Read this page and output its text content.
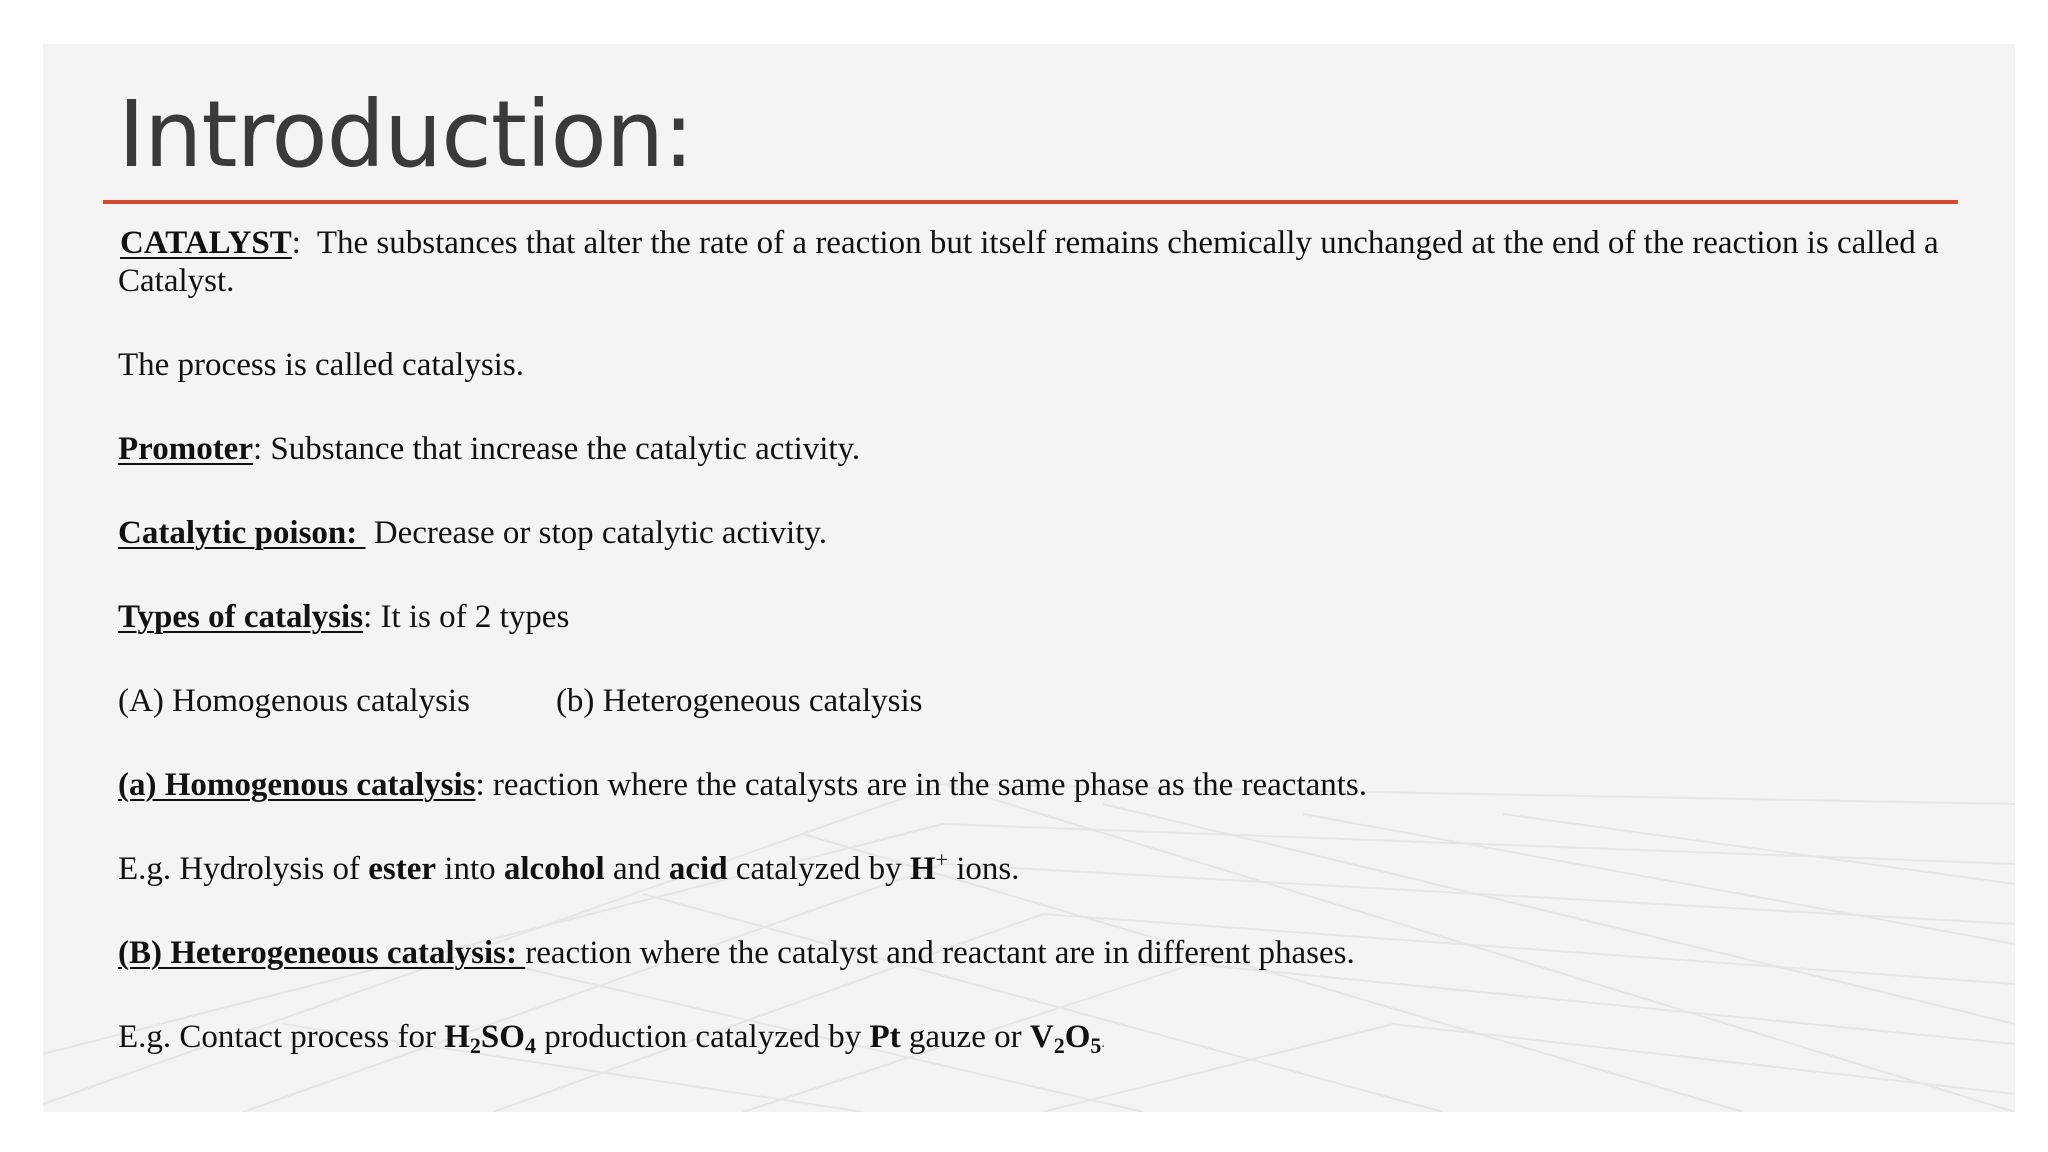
Introduction:

CATALYST:  The substances that alter the rate of a reaction but itself remains chemically unchanged at the end of the reaction is called a Catalyst.

The process is called catalysis.

Promoter: Substance that increase the catalytic activity.

Catalytic poison:  Decrease or stop catalytic activity.

Types of catalysis: It is of 2 types

(A) Homogenous catalysis	(b) Heterogeneous catalysis

(a) Homogenous catalysis: reaction where the catalysts are in the same phase as the reactants.

E.g. Hydrolysis of ester into alcohol and acid catalyzed by H+ ions.

(B) Heterogeneous catalysis: reaction where the catalyst and reactant are in different phases.

E.g. Contact process for $H_2SO_4$ production catalyzed by Pt gauze or $V_2O_5$.
